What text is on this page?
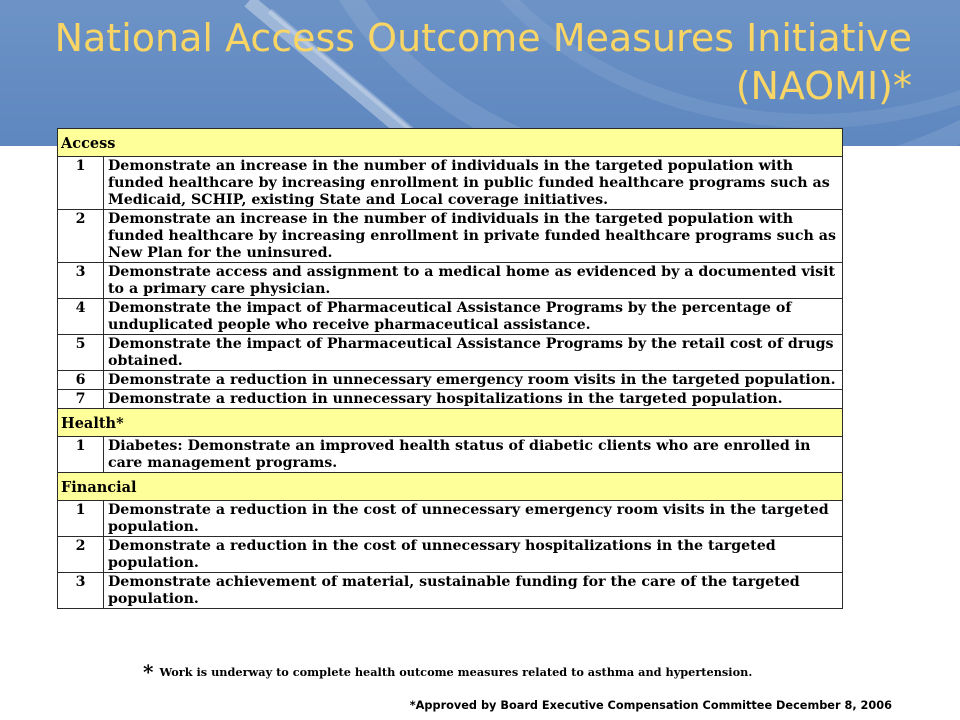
National Access Outcome Measures Initiative
(NAOMI)*
Access	
1	Demonstrate an increase in the number of individuals in the targeted population with funded healthcare by increasing enrollment in public funded healthcare programs such as Medicaid, SCHIP, existing State and Local coverage initiatives.
2	Demonstrate an increase in the number of individuals in the targeted population with funded healthcare by increasing enrollment in private funded healthcare programs such as New Plan for the uninsured.
3	Demonstrate access and assignment to a medical home as evidenced by a documented visit to a primary care physician.
4	Demonstrate the impact of Pharmaceutical Assistance Programs by the percentage of unduplicated people who receive pharmaceutical assistance.
5	Demonstrate the impact of Pharmaceutical Assistance Programs by the retail cost of drugs obtained.
6	Demonstrate a reduction in unnecessary emergency room visits in the targeted population.
7	Demonstrate a reduction in unnecessary hospitalizations in the targeted population.
Health*	
1	Diabetes: Demonstrate an improved health status of diabetic clients who are enrolled in care management programs.
Financial	
1	Demonstrate a reduction in the cost of unnecessary emergency room visits in the targeted population.
2	Demonstrate a reduction in the cost of unnecessary hospitalizations in the targeted population.
3	Demonstrate achievement of material, sustainable funding for the care of the targeted population.
* Work is underway to complete health outcome measures related to asthma and hypertension.
*Approved by Board Executive Compensation Committee December 8, 2006
